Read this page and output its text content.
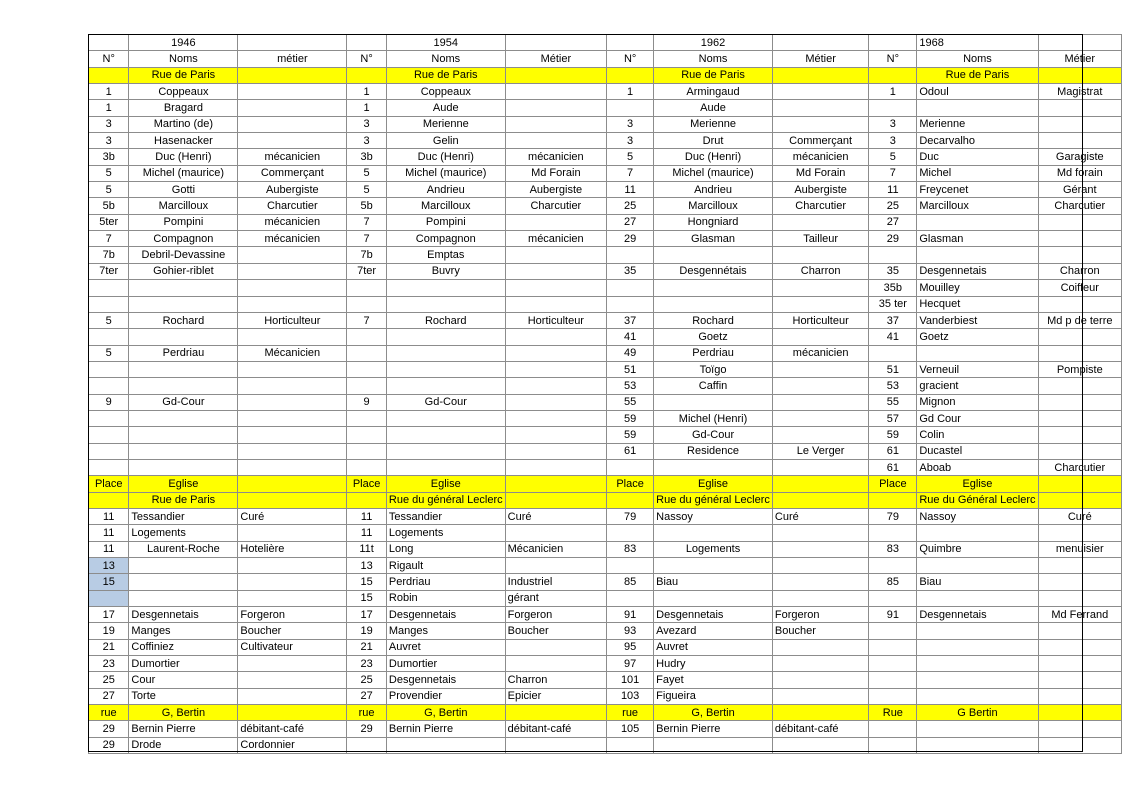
	1946			1954			1962			1968	
N°	Noms	métier	N°	Noms	Métier	N°	Noms	Métier	N°	Noms	Métier
	Rue de Paris			Rue de Paris			Rue de Paris			Rue de Paris	
1	Coppeaux		1	Coppeaux		1	Armingaud		1	Odoul	Magistrat
1	Bragard		1	Aude			Aude				
3	Martino (de)		3	Merienne		3	Merienne		3	Merienne	
3	Hasenacker		3	Gelin		3	Drut	Commerçant	3	Decarvalho	
3b	Duc (Henri)	mécanicien	3b	Duc (Henri)	mécanicien	5	Duc (Henri)	mécanicien	5	Duc	Garagiste
5	Michel (maurice)	Commerçant	5	Michel (maurice)	Md Forain	7	Michel (maurice)	Md Forain	7	Michel	Md forain
5	Gotti	Aubergiste	5	Andrieu	Aubergiste	11	Andrieu	Aubergiste	11	Freycenet	Gérant
5b	Marcilloux	Charcutier	5b	Marcilloux	Charcutier	25	Marcilloux	Charcutier	25	Marcilloux	Charcutier
5ter	Pompini	mécanicien	7	Pompini		27	Hongniard		27		
7	Compagnon	mécanicien	7	Compagnon	mécanicien	29	Glasman	Tailleur	29	Glasman	
7b	Debril-Devassine		7b	Emptas							
7ter	Gohier-riblet		7ter	Buvry		35	Desgennétais	Charron	35	Desgennetais	Charron
									35b	Mouilley	Coiffeur
									35 ter	Hecquet	
5	Rochard	Horticulteur	7	Rochard	Horticulteur	37	Rochard	Horticulteur	37	Vanderbiest	Md p de terre
						41	Goetz		41	Goetz	
5	Perdriau	Mécanicien				49	Perdriau	mécanicien			
						51	Toïgo		51	Verneuil	Pompiste
						53	Caffin		53	gracient	
9	Gd-Cour		9	Gd-Cour		55			55	Mignon	
						59	Michel (Henri)		57	Gd Cour	
						59	Gd-Cour		59	Colin	
						61	Residence	Le Verger	61	Ducastel	
									61	Aboab	Charcutier
Place	Eglise		Place	Eglise		Place	Eglise		Place	Eglise	
	Rue de Paris			Rue du général Leclerc			Rue du général Leclerc			Rue du Général Leclerc	
11	Tessandier	Curé	11	Tessandier	Curé	79	Nassoy	Curé	79	Nassoy	Curé
11	Logements		11	Logements							
11	Laurent-Roche	Hotelière	11t	Long	Mécanicien	83	Logements		83	Quimbre	menuisier
13			13	Rigault							
15			15	Perdriau	Industriel	85	Biau		85	Biau	
			15	Robin	gérant						
17	Desgennetais	Forgeron	17	Desgennetais	Forgeron	91	Desgennetais	Forgeron	91	Desgennetais	Md Ferrand
19	Manges	Boucher	19	Manges	Boucher	93	Avezard	Boucher			
21	Coffiniez	Cultivateur	21	Auvret		95	Auvret				
23	Dumortier		23	Dumortier		97	Hudry				
25	Cour		25	Desgennetais	Charron	101	Fayet				
27	Torte		27	Provendier	Epicier	103	Figueira				
rue	G, Bertin		rue	G, Bertin		rue	G, Bertin		Rue	G Bertin	
29	Bernin Pierre	débitant-café	29	Bernin Pierre	débitant-café	105	Bernin Pierre	débitant-café			
29	Drode	Cordonnier									
